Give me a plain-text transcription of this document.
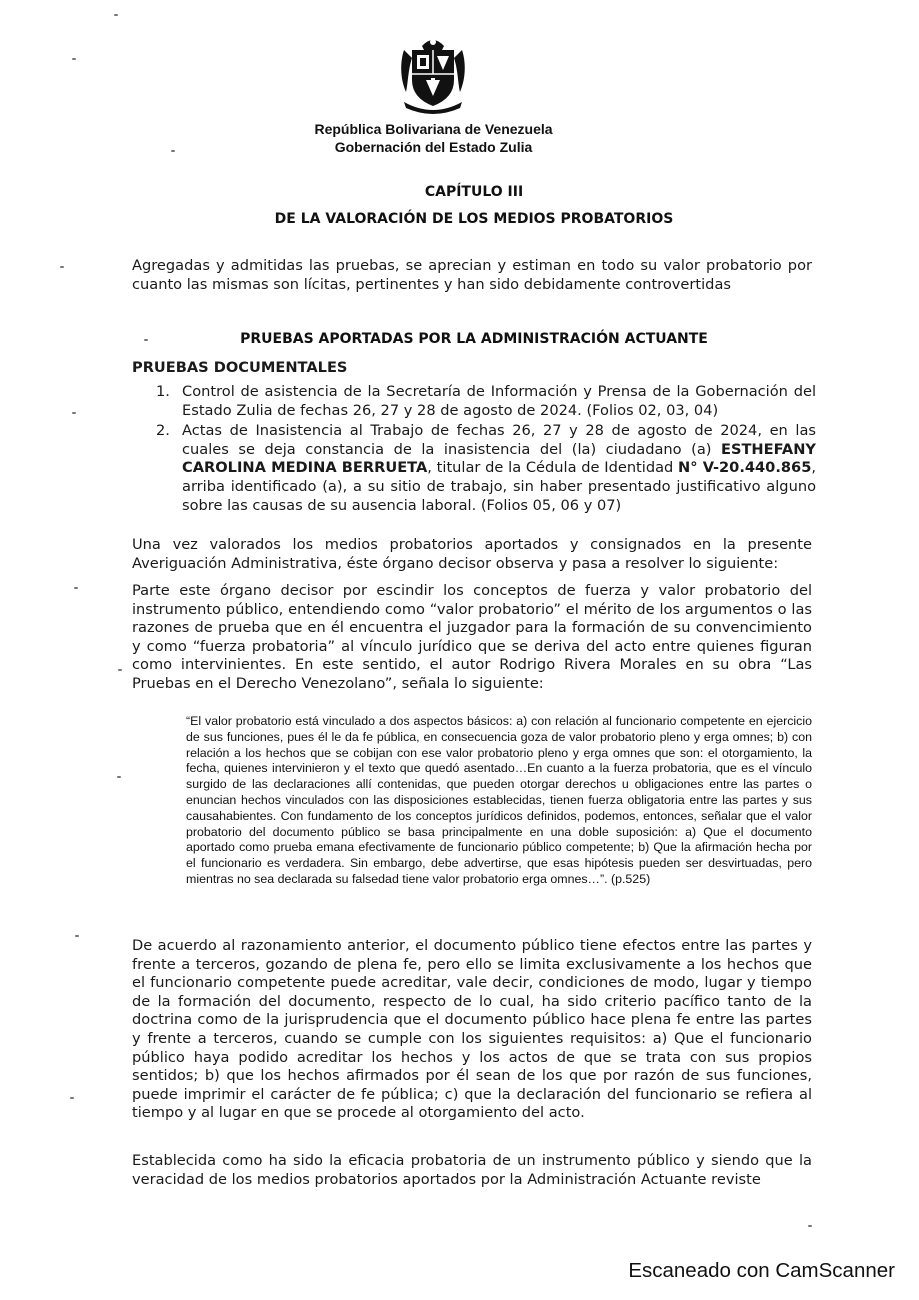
República Bolivariana de Venezuela
Gobernación del Estado Zulia
CAPÍTULO III
DE LA VALORACIÓN DE LOS MEDIOS PROBATORIOS

Agregadas y admitidas las pruebas, se aprecian y estiman en todo su valor probatorio por cuanto las mismas son lícitas, pertinentes y han sido debidamente controvertidas

PRUEBAS APORTADAS POR LA ADMINISTRACIÓN ACTUANTE
PRUEBAS DOCUMENTALES
1. Control de asistencia de la Secretaría de Información y Prensa de la Gobernación del Estado Zulia de fechas 26, 27 y 28 de agosto de 2024. (Folios 02, 03, 04)
2. Actas de Inasistencia al Trabajo de fechas 26, 27 y 28 de agosto de 2024, en las cuales se deja constancia de la inasistencia del (la) ciudadano (a) ESTHEFANY CAROLINA MEDINA BERRUETA, titular de la Cédula de Identidad N° V-20.440.865, arriba identificado (a), a su sitio de trabajo, sin haber presentado justificativo alguno sobre las causas de su ausencia laboral. (Folios 05, 06 y 07)

Una vez valorados los medios probatorios aportados y consignados en la presente Averiguación Administrativa, éste órgano decisor observa y pasa a resolver lo siguiente:

Parte este órgano decisor por escindir los conceptos de fuerza y valor probatorio del instrumento público, entendiendo como “valor probatorio” el mérito de los argumentos o las razones de prueba que en él encuentra el juzgador para la formación de su convencimiento y como “fuerza probatoria” al vínculo jurídico que se deriva del acto entre quienes figuran como intervinientes. En este sentido, el autor Rodrigo Rivera Morales en su obra “Las Pruebas en el Derecho Venezolano”, señala lo siguiente:

“El valor probatorio está vinculado a dos aspectos básicos: a) con relación al funcionario competente en ejercicio de sus funciones, pues él le da fe pública, en consecuencia goza de valor probatorio pleno y erga omnes; b) con relación a los hechos que se cobijan con ese valor probatorio pleno y erga omnes que son: el otorgamiento, la fecha, quienes intervinieron y el texto que quedó asentado…En cuanto a la fuerza probatoria, que es el vínculo surgido de las declaraciones allí contenidas, que pueden otorgar derechos u obligaciones entre las partes o enuncian hechos vinculados con las disposiciones establecidas, tienen fuerza obligatoria entre las partes y sus causahabientes. Con fundamento de los conceptos jurídicos definidos, podemos, entonces, señalar que el valor probatorio del documento público se basa principalmente en una doble suposición: a) Que el documento aportado como prueba emana efectivamente de funcionario público competente; b) Que la afirmación hecha por el funcionario es verdadera. Sin embargo, debe advertirse, que esas hipótesis pueden ser desvirtuadas, pero mientras no sea declarada su falsedad tiene valor probatorio erga omnes…”. (p.525)

De acuerdo al razonamiento anterior, el documento público tiene efectos entre las partes y frente a terceros, gozando de plena fe, pero ello se limita exclusivamente a los hechos que el funcionario competente puede acreditar, vale decir, condiciones de modo, lugar y tiempo de la formación del documento, respecto de lo cual, ha sido criterio pacífico tanto de la doctrina como de la jurisprudencia que el documento público hace plena fe entre las partes y frente a terceros, cuando se cumple con los siguientes requisitos: a) Que el funcionario público haya podido acreditar los hechos y los actos de que se trata con sus propios sentidos; b) que los hechos afirmados por él sean de los que por razón de sus funciones, puede imprimir el carácter de fe pública; c) que la declaración del funcionario se refiera al tiempo y al lugar en que se procede al otorgamiento del acto.

Establecida como ha sido la eficacia probatoria de un instrumento público y siendo que la veracidad de los medios probatorios aportados por la Administración Actuante reviste

Escaneado con CamScanner
